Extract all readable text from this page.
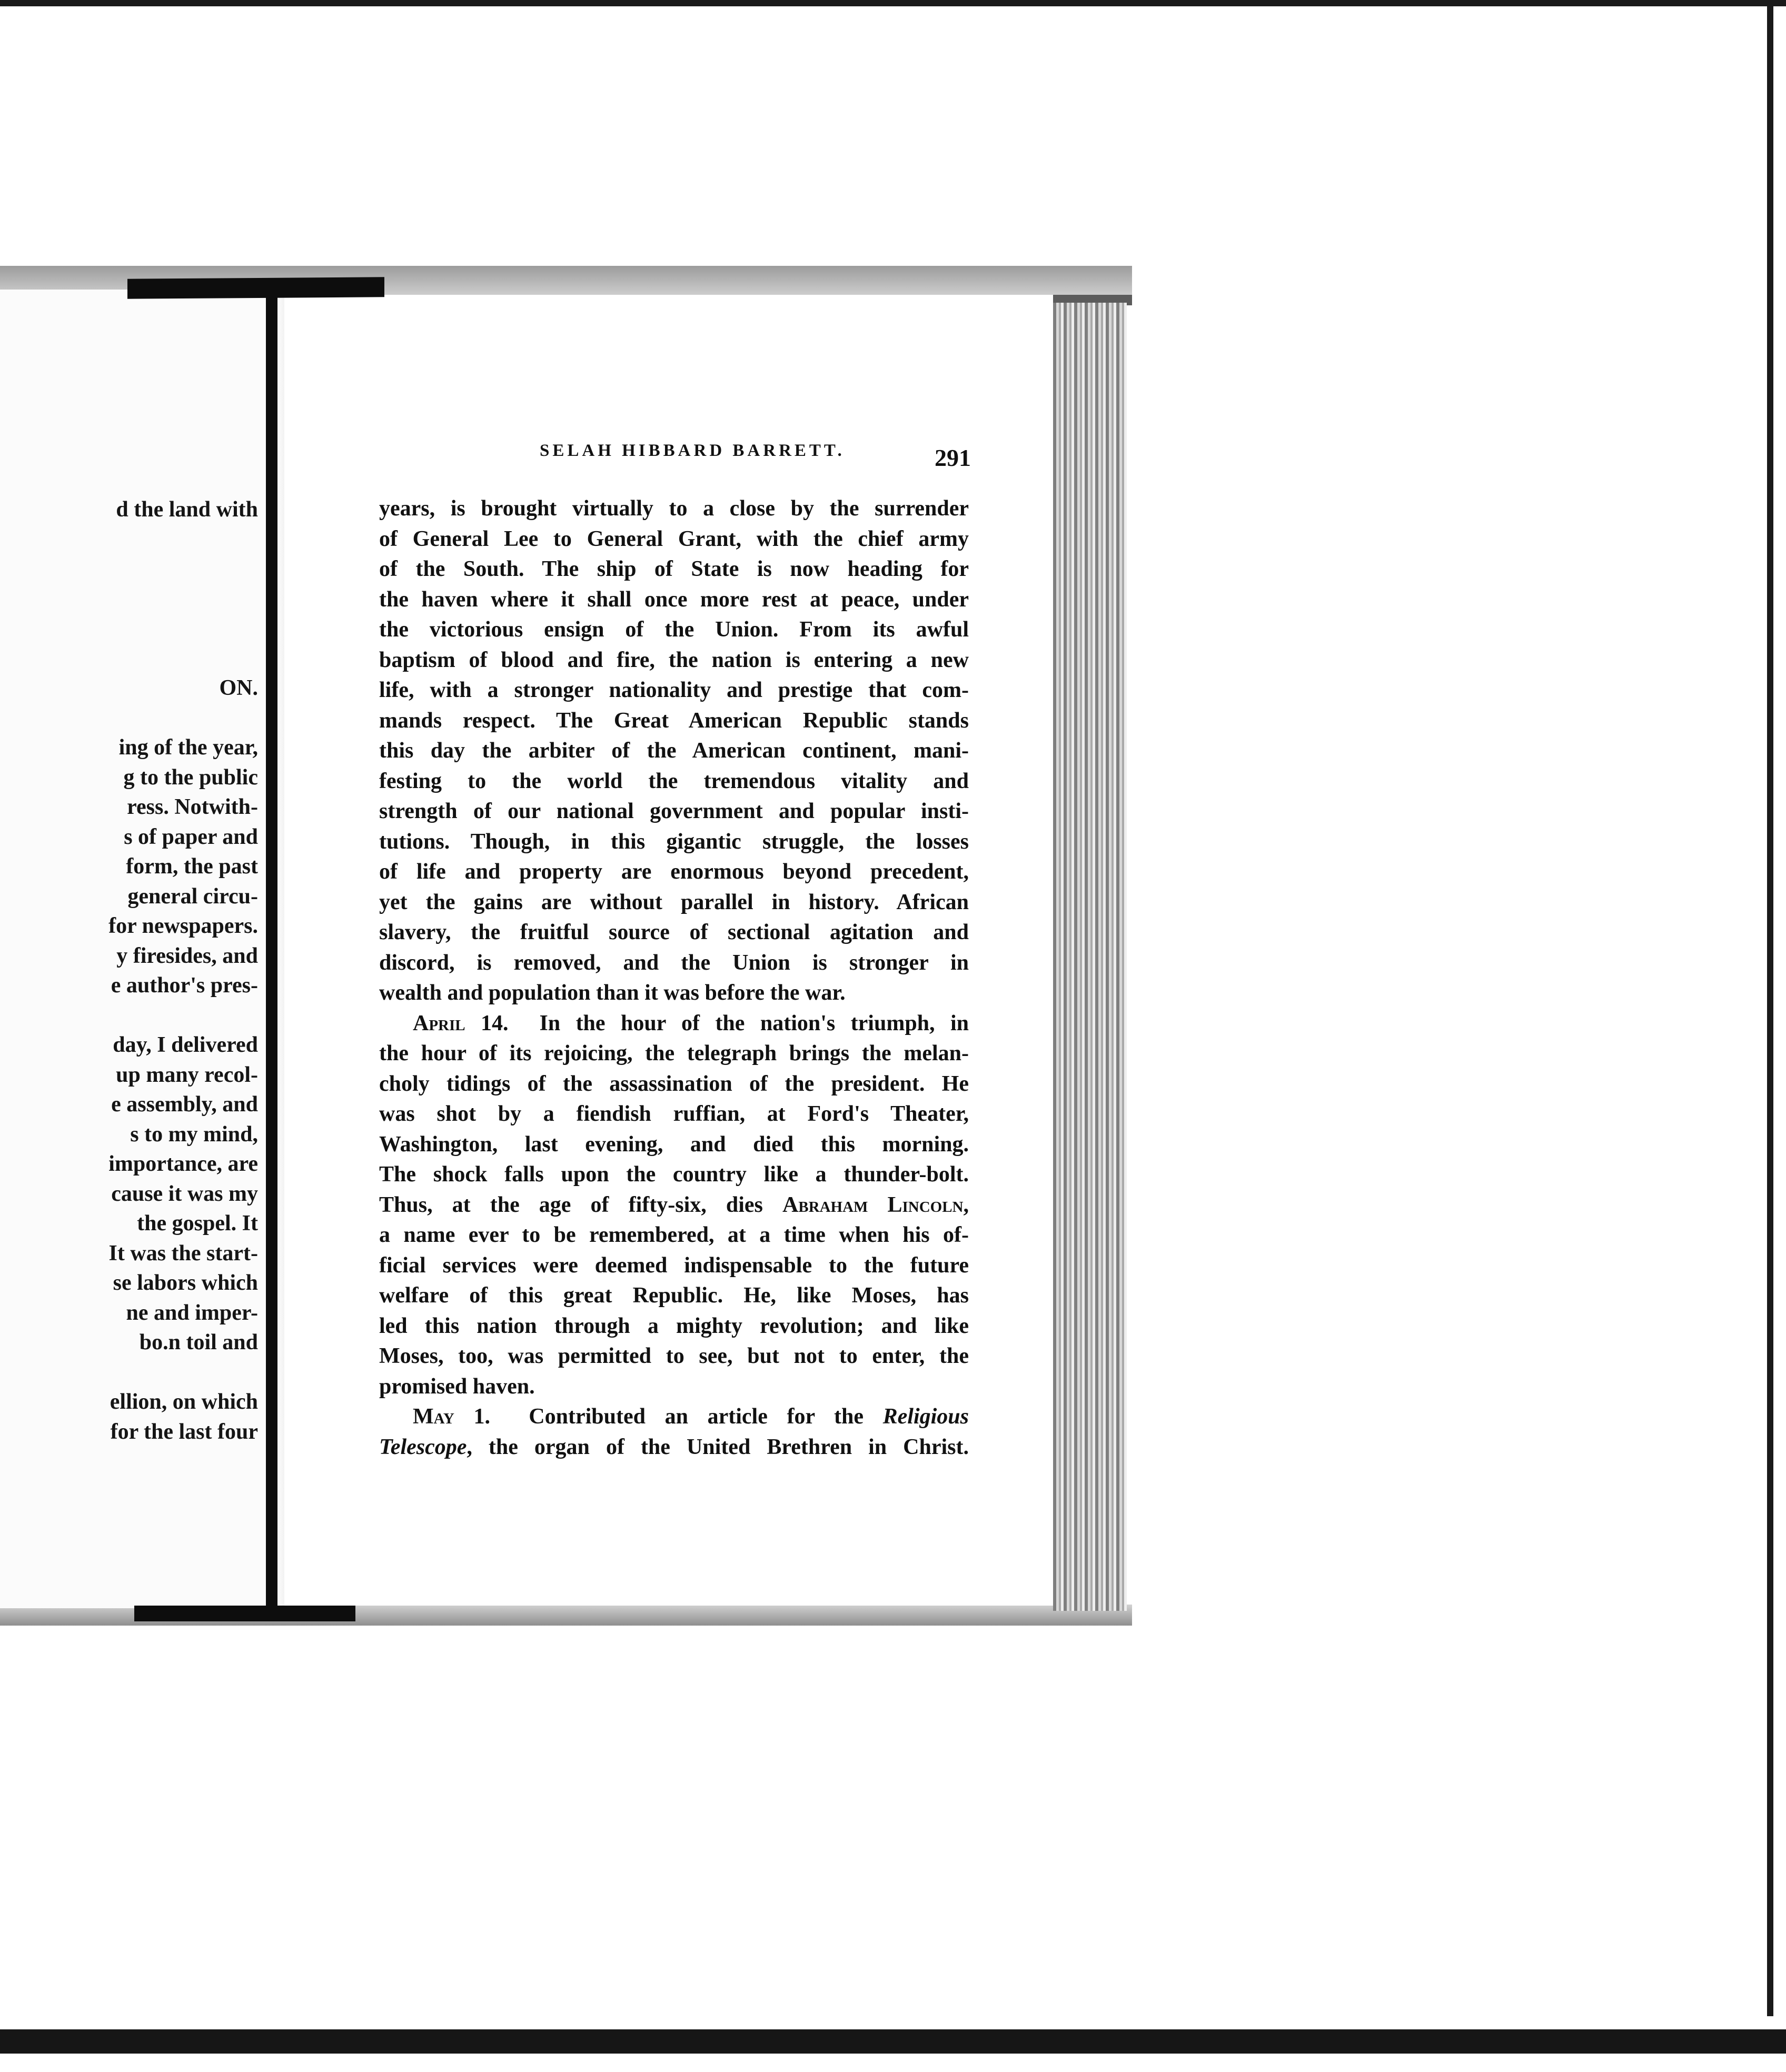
d the land with
ON.
ing of the year,
g to the public
ress. Notwith-
s of paper and
form, the past
general circu-
for newspapers.
y firesides, and
e author's pres-
day, I delivered
up many recol-
e assembly, and
s to my mind,
importance, are
cause it was my
the gospel. It
It was the start-
se labors which
ne and imper-
bo.n toil and
ellion, on which
for the last four
SELAH HIBBARD BARRETT.	291
years, is brought virtually to a close by the surrender
of General Lee to General Grant, with the chief army
of the South. The ship of State is now heading for
the haven where it shall once more rest at peace, under
the victorious ensign of the Union. From its awful
baptism of blood and fire, the nation is entering a new
life, with a stronger nationality and prestige that com-
mands respect. The Great American Republic stands
this day the arbiter of the American continent, mani-
festing to the world the tremendous vitality and
strength of our national government and popular insti-
tutions. Though, in this gigantic struggle, the losses
of life and property are enormous beyond precedent,
yet the gains are without parallel in history. African
slavery, the fruitful source of sectional agitation and
discord, is removed, and the Union is stronger in
wealth and population than it was before the war.
April 14. In the hour of the nation's triumph, in
the hour of its rejoicing, the telegraph brings the melan-
choly tidings of the assassination of the president. He
was shot by a fiendish ruffian, at Ford's Theater,
Washington, last evening, and died this morning.
The shock falls upon the country like a thunder-bolt.
Thus, at the age of fifty-six, dies Abraham Lincoln,
a name ever to be remembered, at a time when his of-
ficial services were deemed indispensable to the future
welfare of this great Republic. He, like Moses, has
led this nation through a mighty revolution; and like
Moses, too, was permitted to see, but not to enter, the
promised haven.
May 1. Contributed an article for the Religious
Telescope, the organ of the United Brethren in Christ.
